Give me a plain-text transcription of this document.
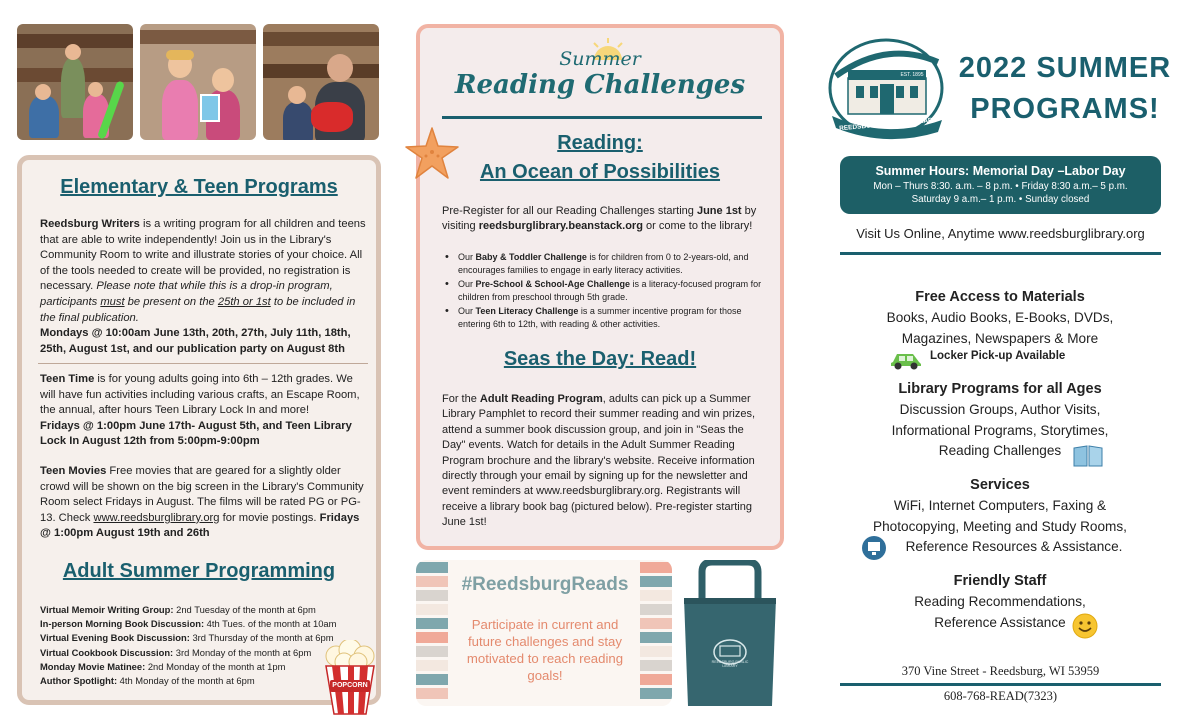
Elementary & Teen Programs
Reedsburg Writers is a writing program for all children and teens that are able to write independently! Join us in the Library's Community Room to write and illustrate stories of your choice. All of the tools needed to create will be provided, no registration is necessary. Please note that while this is a drop-in program, participants must be present on the 25th or 1st to be included in the final publication.
Mondays @ 10:00am June 13th, 20th, 27th, July 11th, 18th, 25th, August 1st, and our publication party on August 8th
Teen Time is for young adults going into 6th – 12th grades. We will have fun activities including various crafts, an Escape Room, the annual, after hours Teen Library Lock In and more!
Fridays @ 1:00pm June 17th- August 5th, and Teen Library Lock In August 12th from 5:00pm-9:00pm
Teen Movies Free movies that are geared for a slightly older crowd will be shown on the big screen in the Library's Community Room select Fridays in August. The films will be rated PG or PG-13. Check www.reedsburglibrary.org for movie postings. Fridays @ 1:00pm August 19th and 26th
Adult Summer Programming
Virtual Memoir Writing Group: 2nd Tuesday of the month at 6pm
In-person Morning Book Discussion: 4th Tues. of the month at 10am
Virtual Evening Book Discussion: 3rd Thursday of the month at 6pm
Virtual Cookbook Discussion: 3rd Monday of the month at 6pm
Monday Movie Matinee: 2nd Monday of the month at 1pm
Author Spotlight: 4th Monday of the month at 6pm	POPCORN
Summer
Reading Challenges
Reading:
An Ocean of Possibilities
Pre-Register for all our Reading Challenges starting June 1st by visiting reedsburglibrary.beanstack.org or come to the library!
• Our Baby & Toddler Challenge is for children from 0 to 2-years-old, and encourages families to engage in early literacy activities.
• Our Pre-School & School-Age Challenge is a literacy-focused program for children from preschool through 5th grade.
• Our Teen Literacy Challenge is a summer incentive program for those entering 6th to 12th, with reading & other activities.
Seas the Day: Read!
For the Adult Reading Program, adults can pick up a Summer Library Pamphlet to record their summer reading and win prizes, attend a summer book discussion group, and join in "Seas the Day" events. Watch for details in the Adult Summer Reading Program brochure and the library's website. Receive information directly through your email by signing up for the newsletter and event reminders at www.reedsburglibrary.org. Registrants will receive a library book bag (pictured below). Pre-register starting June 1st!
#ReedsburgReads
Participate in current and future challenges and stay motivated to reach reading goals!
REEDSBURG PUBLIC LIBRARY
EST. 1895
REEDSBURG PUBLIC LIBRARY
2022 SUMMER
PROGRAMS!
Summer Hours: Memorial Day –Labor Day
Mon – Thurs 8:30. a.m. – 8 p.m. • Friday 8:30 a.m.– 5 p.m.
Saturday 9 a.m.– 1 p.m. • Sunday closed
Visit Us Online, Anytime www.reedsburglibrary.org
Free Access to Materials
Books, Audio Books, E-Books, DVDs,
Magazines, Newspapers & More
Locker Pick-up Available
Library Programs for all Ages
Discussion Groups, Author Visits,
Informational Programs, Storytimes,
Reading Challenges
Services
WiFi, Internet Computers, Faxing &
Photocopying, Meeting and Study Rooms,
Reference Resources & Assistance.
Friendly Staff
Reading Recommendations,
Reference Assistance
370 Vine Street - Reedsburg, WI 53959
608-768-READ(7323)
